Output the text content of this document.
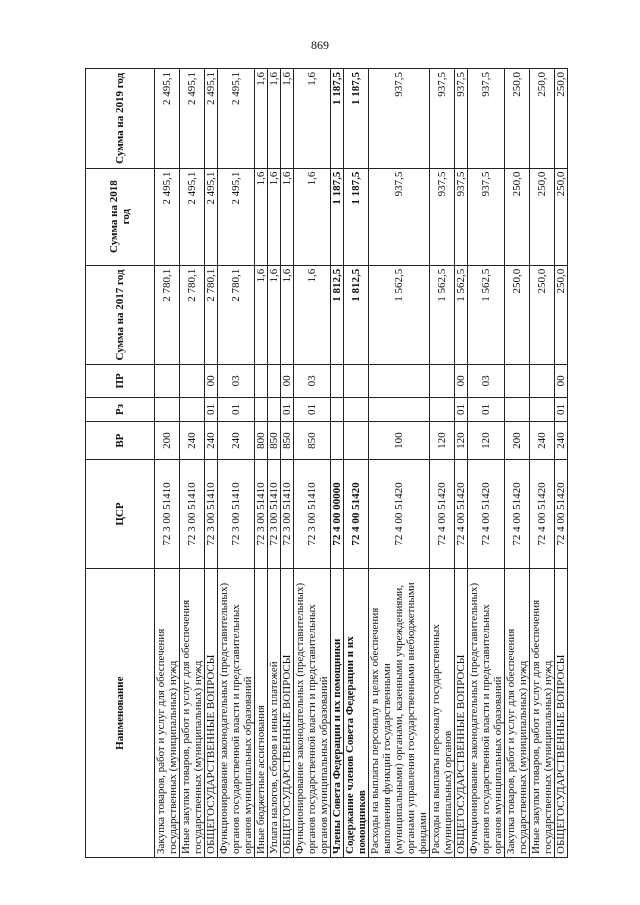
869
Наименование	ЦСР	ВР	Рз	ПР	Сумма на 2017 год	Сумма на 2018 год	Сумма на 2019 год
Закупка товаров, работ и услуг для обеспечения государственных (муниципальных) нужд	72 3 00 51410	200			2 780,1	2 495,1	2 495,1
Иные закупки товаров, работ и услуг для обеспечения государственных (муниципальных) нужд	72 3 00 51410	240			2 780,1	2 495,1	2 495,1
ОБЩЕГОСУДАРСТВЕННЫЕ ВОПРОСЫ	72 3 00 51410	240	01	00	2 780,1	2 495,1	2 495,1
Функционирование законодательных (представительных) органов государственной власти и представительных органов муниципальных образований	72 3 00 51410	240	01	03	2 780,1	2 495,1	2 495,1
Иные бюджетные ассигнования	72 3 00 51410	800			1,6	1,6	1,6
Уплата налогов, сборов и иных платежей	72 3 00 51410	850			1,6	1,6	1,6
ОБЩЕГОСУДАРСТВЕННЫЕ ВОПРОСЫ	72 3 00 51410	850	01	00	1,6	1,6	1,6
Функционирование законодательных (представительных) органов государственной власти и представительных органов муниципальных образований	72 3 00 51410	850	01	03	1,6	1,6	1,6
Члены Совета Федерации и их помощники	72 4 00 00000				1 812,5	1 187,5	1 187,5
Содержание членов Совета Федерации и их помощников	72 4 00 51420				1 812,5	1 187,5	1 187,5
Расходы на выплаты персоналу в целях обеспечения выполнения функций государственными (муниципальными) органами, казенными учреждениями, органами управления государственными внебюджетными фондами	72 4 00 51420	100			1 562,5	937,5	937,5
Расходы на выплаты персоналу государственных (муниципальных) органов	72 4 00 51420	120			1 562,5	937,5	937,5
ОБЩЕГОСУДАРСТВЕННЫЕ ВОПРОСЫ	72 4 00 51420	120	01	00	1 562,5	937,5	937,5
Функционирование законодательных (представительных) органов государственной власти и представительных органов муниципальных образований	72 4 00 51420	120	01	03	1 562,5	937,5	937,5
Закупка товаров, работ и услуг для обеспечения государственных (муниципальных) нужд	72 4 00 51420	200			250,0	250,0	250,0
Иные закупки товаров, работ и услуг для обеспечения государственных (муниципальных) нужд	72 4 00 51420	240			250,0	250,0	250,0
ОБЩЕГОСУДАРСТВЕННЫЕ ВОПРОСЫ	72 4 00 51420	240	01	00	250,0	250,0	250,0
